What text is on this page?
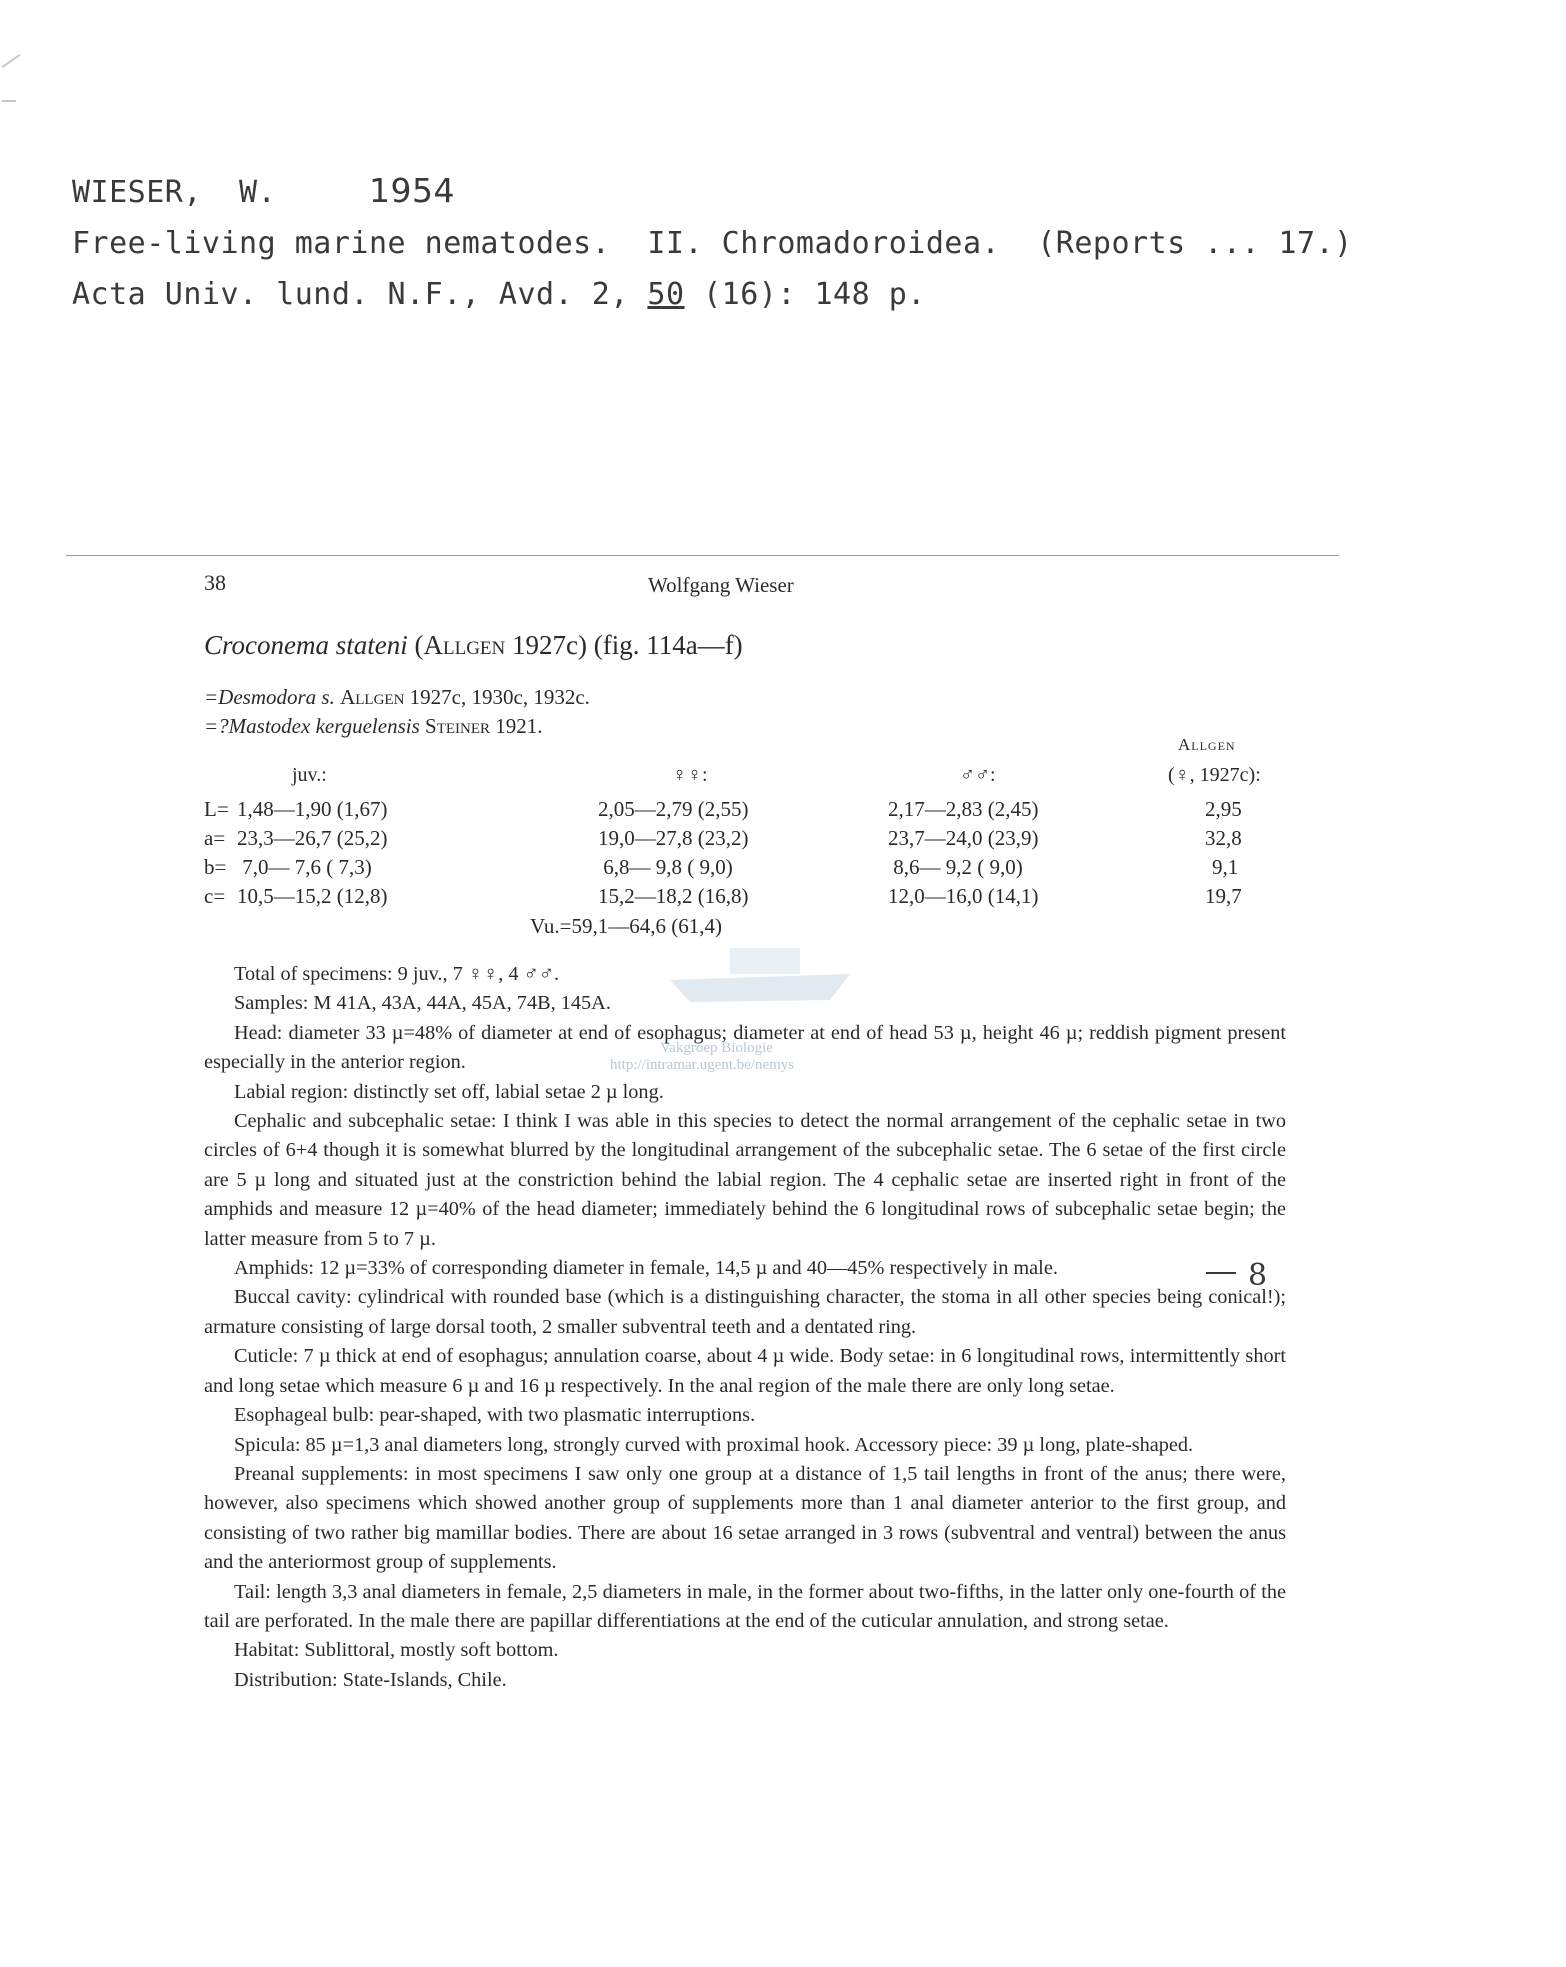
WIESER,  W.	1954
Free-living marine nematodes.  II. Chromadoroidea.  (Reports ... 17.)
Acta Univ. lund. N.F., Avd. 2, 50 (16): 148 p.
38	Wolfgang Wieser
Croconema stateni (Allgen 1927c) (fig. 114a—f)
=Desmodora s. Allgen 1927c, 1930c, 1932c.
=?Mastodex kerguelensis Steiner 1921.
Allgen
juv.:	♀♀:	♂♂:	(♀, 1927c):
L= 1,48—1,90 (1,67)	2,05—2,79 (2,55)	2,17—2,83 (2,45)	2,95
a= 23,3—26,7 (25,2)	19,0—27,8 (23,2)	23,7—24,0 (23,9)	32,8
b= 7,0— 7,6 ( 7,3)	6,8— 9,8 ( 9,0)	8,6— 9,2 ( 9,0)	9,1
c= 10,5—15,2 (12,8)	15,2—18,2 (16,8)	12,0—16,0 (14,1)	19,7
Vu.=59,1—64,6 (61,4)

Total of specimens: 9 juv., 7 ♀♀, 4 ♂♂.

Samples: M 41A, 43A, 44A, 45A, 74B, 145A.

Head: diameter 33 µ=48% of diameter at end of esophagus; diameter at end of head 53 µ, height 46 µ; reddish pigment present especially in the anterior region.

Labial region: distinctly set off, labial setae 2 µ long.

Cephalic and subcephalic setae: I think I was able in this species to detect the normal arrangement of the cephalic setae in two circles of 6+4 though it is somewhat blurred by the longitudinal arrangement of the subcephalic setae. The 6 setae of the first circle are 5 µ long and situated just at the constriction behind the labial region. The 4 cephalic setae are inserted right in front of the amphids and measure 12 µ=40% of the head diameter; immediately behind the 6 longitudinal rows of subcephalic setae begin; the latter measure from 5 to 7 µ.

Amphids: 12 µ=33% of corresponding diameter in female, 14,5 µ and 40—45% respectively in male.

Buccal cavity: cylindrical with rounded base (which is a distinguishing character, the stoma in all other species being conical!); armature consisting of large dorsal tooth, 2 smaller subventral teeth and a dentated ring.

Cuticle: 7 µ thick at end of esophagus; annulation coarse, about 4 µ wide. Body setae: in 6 longitudinal rows, intermittently short and long setae which measure 6 µ and 16 µ respectively. In the anal region of the male there are only long setae.

Esophageal bulb: pear-shaped, with two plasmatic interruptions.

Spicula: 85 µ=1,3 anal diameters long, strongly curved with proximal hook. Accessory piece: 39 µ long, plate-shaped.

Preanal supplements: in most specimens I saw only one group at a distance of 1,5 tail lengths in front of the anus; there were, however, also specimens which showed another group of supplements more than 1 anal diameter anterior to the first group, and consisting of two rather big mamillar bodies. There are about 16 setae arranged in 3 rows (subventral and ventral) between the anus and the anteriormost group of supplements.

Tail: length 3,3 anal diameters in female, 2,5 diameters in male, in the former about two-fifths, in the latter only one-fourth of the tail are perforated. In the male there are papillar differentiations at the end of the cuticular annulation, and strong setae.

Habitat: Sublittoral, mostly soft bottom.

Distribution: State-Islands, Chile.

Vakgroep Biologie
http://intramar.ugent.be/nemys
8
